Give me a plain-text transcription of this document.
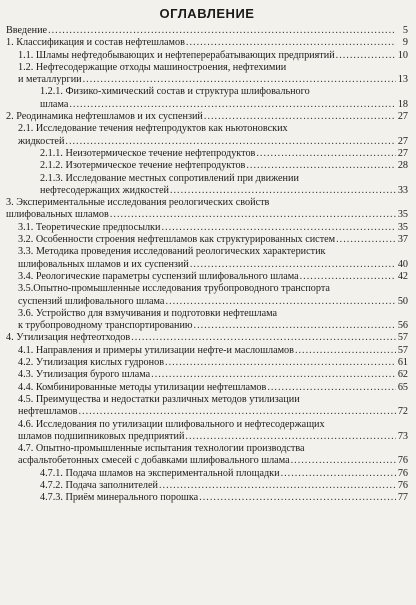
ОГЛАВЛЕНИЕ
Введение .....	5
1. Классификация и состав нефтешламов .....	9
1.1. Шламы нефтедобывающих и нефтеперерабатывающих предприятий .....	10
1.2. Нефтесодержащие отходы машиностроения, нефтехимии
и металлургии .....	13
1.2.1. Физико-химический состав и структура шлифовального
шлама .....	18
2. Реодинамика нефтешламов и их суспензий .....	27
2.1. Исследование течения нефтепродуктов как ньютоновских
жидкостей .....	27
2.1.1. Неизотермическое течение нефтепродуктов .....	27
2.1.2. Изотермическое течение нефтепродуктов .....	28
2.1.3. Исследование местных сопротивлений при движении
нефтесодержащих жидкостей .....	33
3. Экспериментальные исследования реологических свойств
шлифовальных шламов .....	35
3.1. Теоретические предпосылки .....	35
3.2. Особенности строения нефтешламов как структурированных систем .....	37
3.3. Методика проведения исследований реологических характеристик
шлифовальных шламов и их суспензий .....	40
3.4. Реологические параметры суспензий шлифовального шлама .....	42
3.5.Опытно-промышленные исследования трубопроводного транспорта
суспензий шлифовального шлама .....	50
3.6. Устройство для взмучивания и подготовки нефтешлама
к трубопроводному транспортированию .....	56
4. Утилизация нефтеотходов .....	57
4.1. Направления и примеры утилизации нефте-и маслошламов .....	57
4.2. Утилизация кислых гудронов .....	61
4.3. Утилизация бурого шлама .....	62
4.4. Комбинированные методы утилизации нефтешламов .....	65
4.5. Преимущества и недостатки различных методов утилизации
нефтешламов .....	72
4.6. Исследования по утилизации шлифовального и нефтесодержащих
шламов подшипниковых предприятий .....	73
4.7. Опытно-промышленные испытания технологии производства
асфальтобетонных смесей с добавками шлифовального шлама .....	76
4.7.1. Подача шламов на экспериментальной площадки .....	76
4.7.2. Подача заполнителей .....	76
4.7.3. Приём минерального порошка .....	77
